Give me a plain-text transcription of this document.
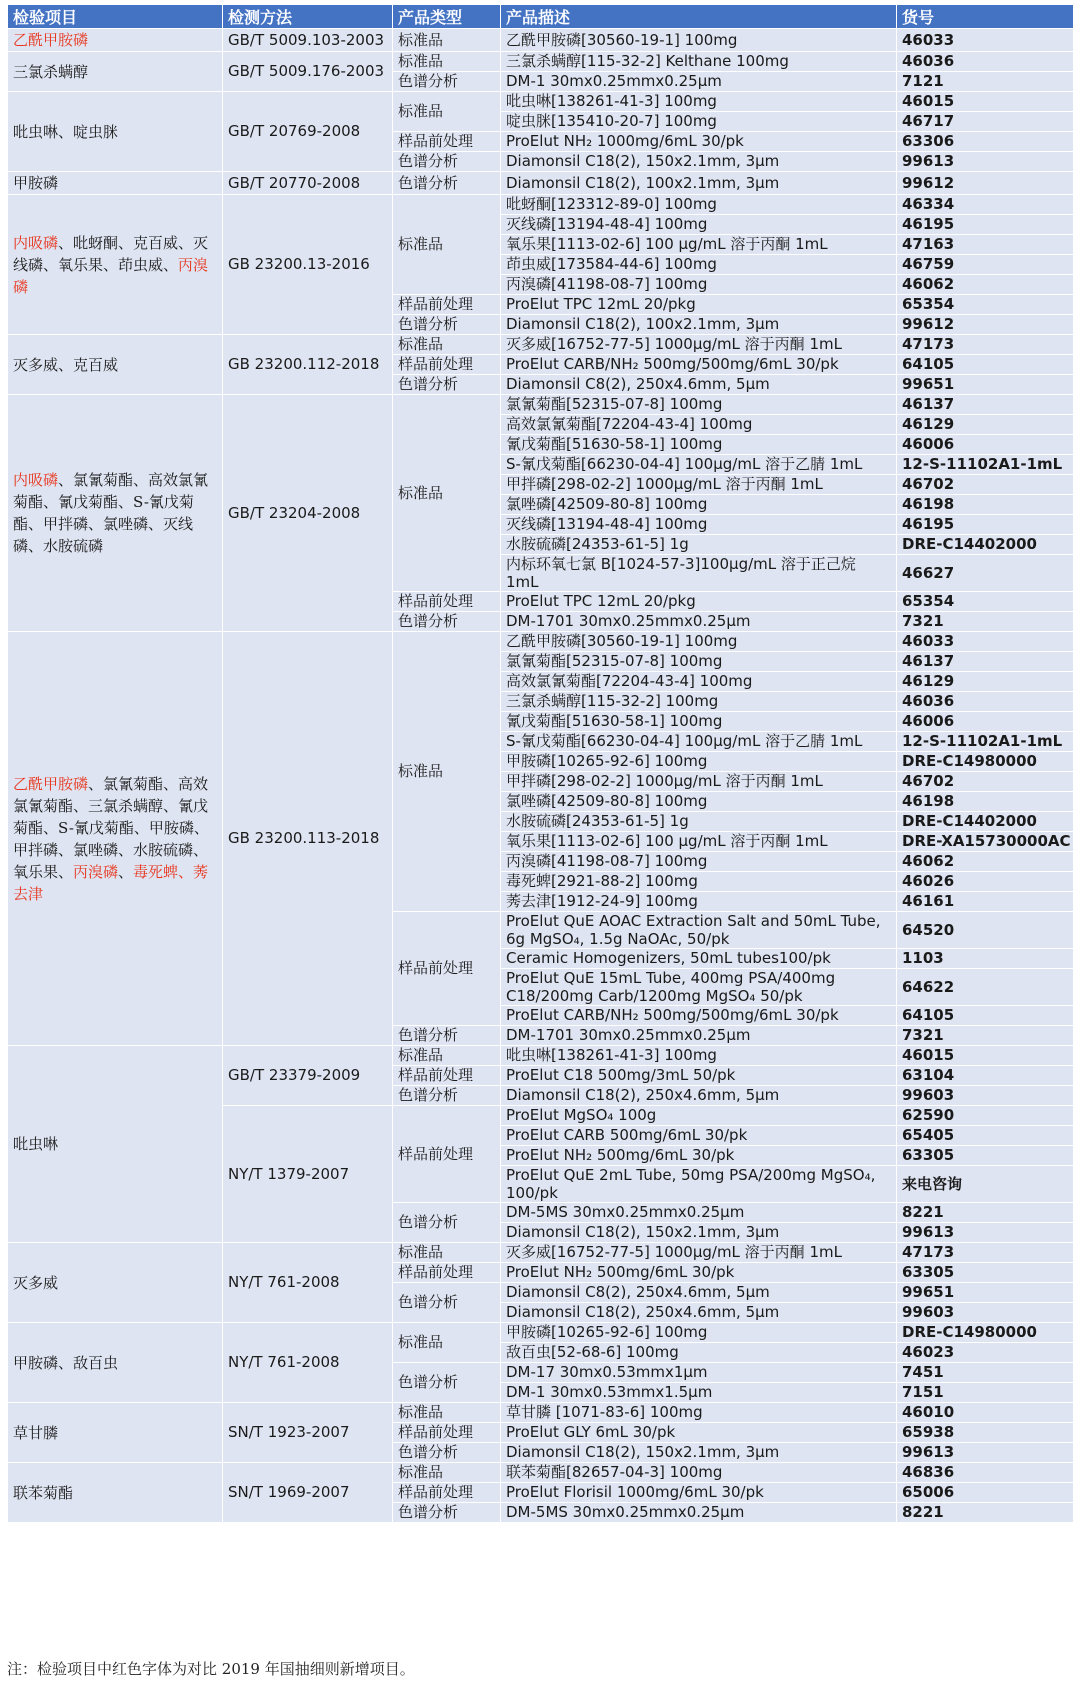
检验项目	检测方法	产品类型	产品描述	货号
乙酰甲胺磷	GB/T 5009.103-2003	标准品	乙酰甲胺磷[30560-19-1] 100mg	46033
三氯杀螨醇	GB/T 5009.176-2003	标准品	三氯杀螨醇[115-32-2] Kelthane 100mg	46036
		色谱分析	DM-1 30mx0.25mmx0.25μm	7121
吡虫啉、啶虫脒	GB/T 20769-2008	标准品	吡虫啉[138261-41-3] 100mg	46015
			啶虫脒[135410-20-7] 100mg	46717
		样品前处理	ProElut NH₂ 1000mg/6mL 30/pk	63306
		色谱分析	Diamonsil C18(2), 150x2.1mm, 3μm	99613
甲胺磷	GB/T 20770-2008	色谱分析	Diamonsil C18(2), 100x2.1mm, 3μm	99612
内吸磷、吡蚜酮、克百威、灭线磷、氧乐果、茚虫威、丙溴磷	GB 23200.13-2016	标准品	吡蚜酮[123312-89-0] 100mg	46334
			灭线磷[13194-48-4] 100mg	46195
			氧乐果[1113-02-6] 100 μg/mL 溶于丙酮 1mL	47163
			茚虫威[173584-44-6] 100mg	46759
			丙溴磷[41198-08-7] 100mg	46062
		样品前处理	ProElut TPC 12mL 20/pkg	65354
		色谱分析	Diamonsil C18(2), 100x2.1mm, 3μm	99612
灭多威、克百威	GB 23200.112-2018	标准品	灭多威[16752-77-5] 1000μg/mL 溶于丙酮 1mL	47173
		样品前处理	ProElut CARB/NH₂ 500mg/500mg/6mL 30/pk	64105
		色谱分析	Diamonsil C8(2), 250x4.6mm, 5μm	99651
内吸磷、氯氰菊酯、高效氯氰菊酯、氰戊菊酯、S-氰戊菊酯、甲拌磷、氯唑磷、灭线磷、水胺硫磷	GB/T 23204-2008	标准品	氯氰菊酯[52315-07-8] 100mg	46137
			高效氯氰菊酯[72204-43-4] 100mg	46129
			氰戊菊酯[51630-58-1] 100mg	46006
			S-氰戊菊酯[66230-04-4] 100μg/mL 溶于乙腈 1mL	12-S-11102A1-1mL
			甲拌磷[298-02-2] 1000μg/mL 溶于丙酮 1mL	46702
			氯唑磷[42509-80-8] 100mg	46198
			灭线磷[13194-48-4] 100mg	46195
			水胺硫磷[24353-61-5] 1g	DRE-C14402000
			内标环氧七氯 B[1024-57-3]100μg/mL 溶于正己烷 1mL	46627
		样品前处理	ProElut TPC 12mL 20/pkg	65354
		色谱分析	DM-1701 30mx0.25mmx0.25μm	7321
乙酰甲胺磷、氯氰菊酯、高效氯氰菊酯、三氯杀螨醇、氰戊菊酯、S-氰戊菊酯、甲胺磷、甲拌磷、氯唑磷、水胺硫磷、氧乐果、丙溴磷、毒死蜱、莠去津	GB 23200.113-2018	标准品	乙酰甲胺磷[30560-19-1] 100mg	46033
			氯氰菊酯[52315-07-8] 100mg	46137
			高效氯氰菊酯[72204-43-4] 100mg	46129
			三氯杀螨醇[115-32-2] 100mg	46036
			氰戊菊酯[51630-58-1] 100mg	46006
			S-氰戊菊酯[66230-04-4] 100μg/mL 溶于乙腈 1mL	12-S-11102A1-1mL
			甲胺磷[10265-92-6] 100mg	DRE-C14980000
			甲拌磷[298-02-2] 1000μg/mL 溶于丙酮 1mL	46702
			氯唑磷[42509-80-8] 100mg	46198
			水胺硫磷[24353-61-5] 1g	DRE-C14402000
			氧乐果[1113-02-6] 100 μg/mL 溶于丙酮 1mL	DRE-XA15730000AC
			丙溴磷[41198-08-7] 100mg	46062
			毒死蜱[2921-88-2] 100mg	46026
			莠去津[1912-24-9] 100mg	46161
		样品前处理	ProElut QuE AOAC Extraction Salt and 50mL Tube, 6g MgSO₄, 1.5g NaOAc, 50/pk	64520
			Ceramic Homogenizers, 50mL tubes100/pk	1103
			ProElut QuE 15mL Tube, 400mg PSA/400mg C18/200mg Carb/1200mg MgSO₄ 50/pk	64622
			ProElut CARB/NH₂ 500mg/500mg/6mL 30/pk	64105
		色谱分析	DM-1701 30mx0.25mmx0.25μm	7321
吡虫啉	GB/T 23379-2009	标准品	吡虫啉[138261-41-3] 100mg	46015
		样品前处理	ProElut C18 500mg/3mL 50/pk	63104
		色谱分析	Diamonsil C18(2), 250x4.6mm, 5μm	99603
	NY/T 1379-2007	样品前处理	ProElut MgSO₄ 100g	62590
			ProElut CARB 500mg/6mL 30/pk	65405
			ProElut NH₂ 500mg/6mL 30/pk	63305
			ProElut QuE 2mL Tube, 50mg PSA/200mg MgSO₄, 100/pk	来电咨询
		色谱分析	DM-5MS 30mx0.25mmx0.25μm	8221
			Diamonsil C18(2), 150x2.1mm, 3μm	99613
灭多威	NY/T 761-2008	标准品	灭多威[16752-77-5] 1000μg/mL 溶于丙酮 1mL	47173
		样品前处理	ProElut NH₂ 500mg/6mL 30/pk	63305
		色谱分析	Diamonsil C8(2), 250x4.6mm, 5μm	99651
			Diamonsil C18(2), 250x4.6mm, 5μm	99603
甲胺磷、敌百虫	NY/T 761-2008	标准品	甲胺磷[10265-92-6] 100mg	DRE-C14980000
			敌百虫[52-68-6] 100mg	46023
		色谱分析	DM-17 30mx0.53mmx1μm	7451
			DM-1 30mx0.53mmx1.5μm	7151
草甘膦	SN/T 1923-2007	标准品	草甘膦 [1071-83-6] 100mg	46010
		样品前处理	ProElut GLY 6mL 30/pk	65938
		色谱分析	Diamonsil C18(2), 150x2.1mm, 3μm	99613
联苯菊酯	SN/T 1969-2007	标准品	联苯菊酯[82657-04-3] 100mg	46836
		样品前处理	ProElut Florisil 1000mg/6mL 30/pk	65006
		色谱分析	DM-5MS 30mx0.25mmx0.25μm	8221
注：检验项目中红色字体为对比 2019 年国抽细则新增项目。
